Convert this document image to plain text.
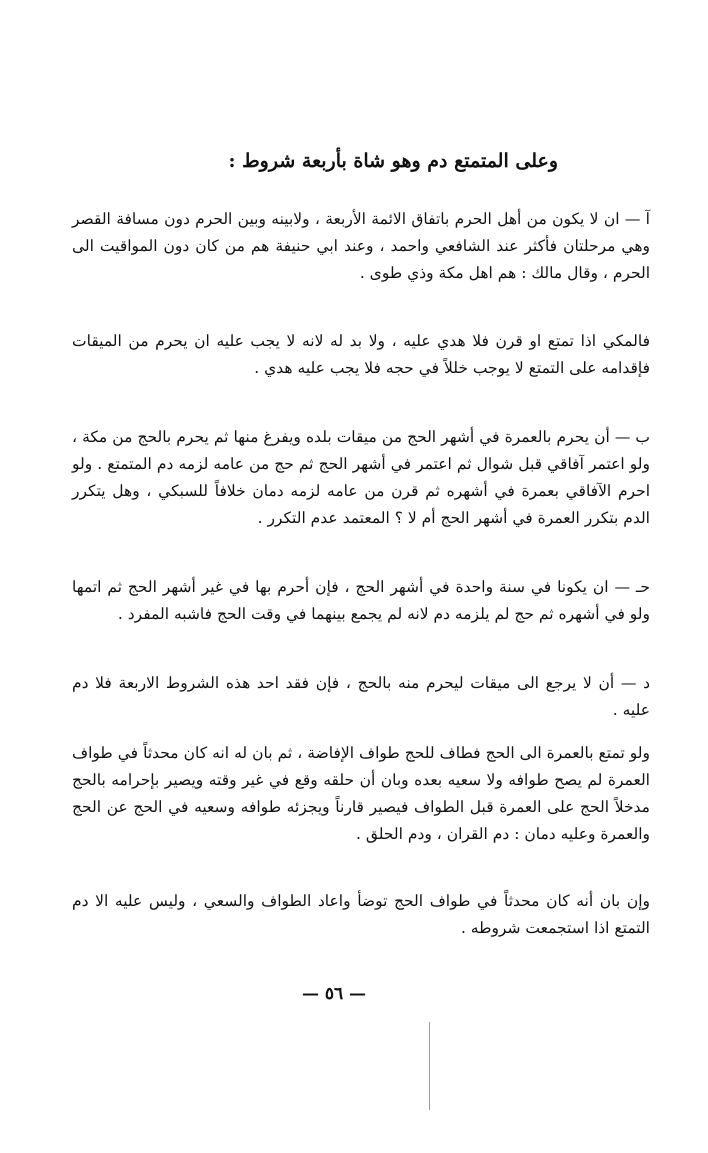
وعلى المتمتع دم وهو شاة بأربعة شروط :

آ — ان لا يكون من أهل الحرم باتفاق الائمة الأربعة ، ولابينه وبين الحرم دون مسافة القصر وهي مرحلتان فأكثر عند الشافعي واحمد ، وعند ابي حنيفة هم من كان دون المواقيت الى الحرم ، وقال مالك : هم اهل مكة وذي طوى .

فالمكي اذا تمتع او قرن فلا هدي عليه ، ولا بد له لانه لا يجب عليه ان يحرم من الميقات فإقدامه على التمتع لا يوجب خللاً في حجه فلا يجب عليه هدي .

ب — أن يحرم بالعمرة في أشهر الحج من ميقات بلده ويفرغ منها ثم يحرم بالحج من مكة ، ولو اعتمر آفاقي قبل شوال ثم اعتمر في أشهر الحج ثم حج من عامه لزمه دم المتمتع . ولو احرم الآفاقي بعمرة في أشهره ثم قرن من عامه لزمه دمان خلافاً للسبكي ، وهل يتكرر الدم بتكرر العمرة في أشهر الحج أم لا ؟ المعتمد عدم التكرر .

حـ — ان يكونا في سنة واحدة في أشهر الحج ، فإن أحرم بها في غير أشهر الحج ثم اتمها ولو في أشهره ثم حج لم يلزمه دم لانه لم يجمع بينهما في وقت الحج فاشبه المفرد .

د — أن لا يرجع الى ميقات ليحرم منه بالحج ، فإن فقد احد هذه الشروط الاربعة فلا دم عليه .

ولو تمتع بالعمرة الى الحج فطاف للحج طواف الإفاضة ، ثم بان له انه كان محدثاً في طواف العمرة لم يصح طوافه ولا سعيه بعده وبان أن حلقه وقع في غير وقته ويصير بإحرامه بالحج مدخلاً الحج على العمرة قبل الطواف فيصير قارناً ويجزئه طوافه وسعيه في الحج عن الحج والعمرة وعليه دمان : دم القران ، ودم الحلق .

وإن بان أنه كان محدثاً في طواف الحج توضأ واعاد الطواف والسعي ، وليس عليه الا دم التمتع اذا استجمعت شروطه .

— ٥٦ —
